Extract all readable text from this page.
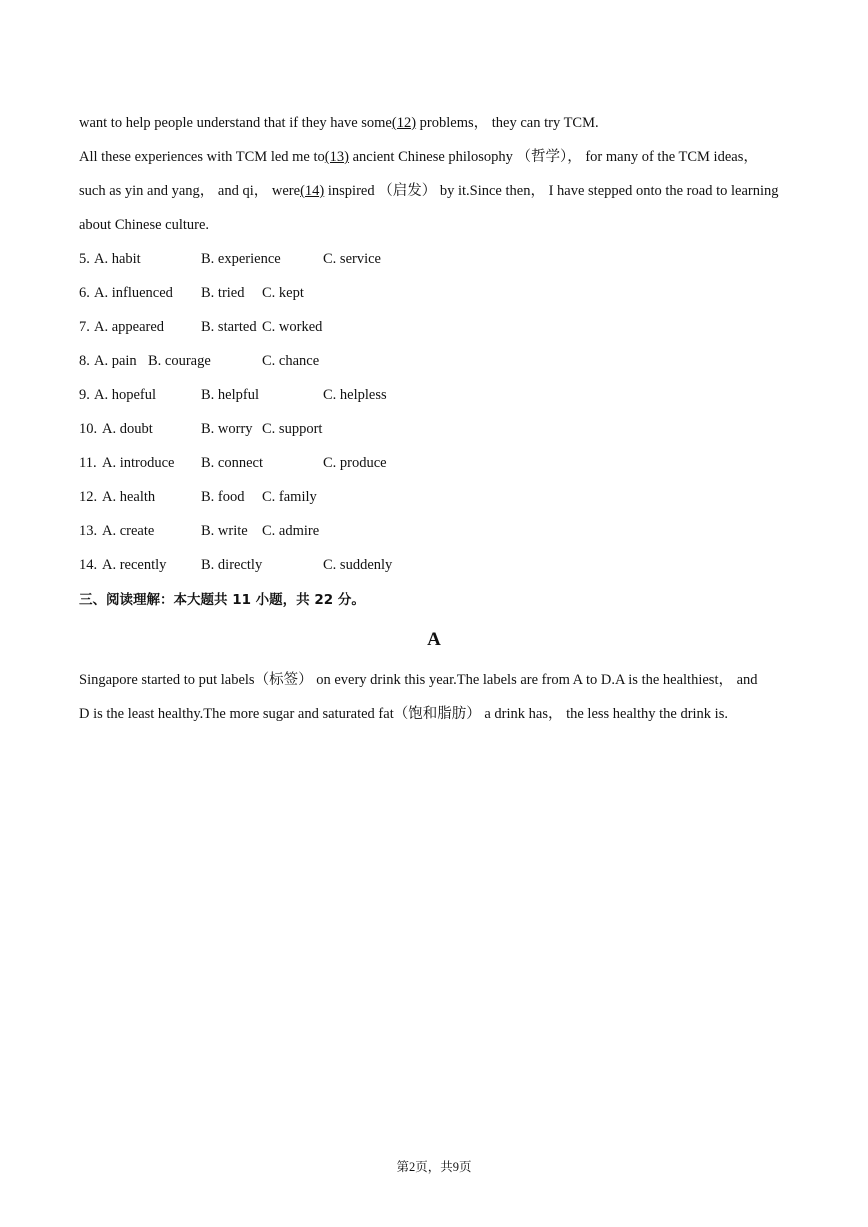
want to help people understand that if they have some(12) problems， they can try TCM.
All these experiences with TCM led me to(13) ancient Chinese philosophy （哲学）， for many of the TCM ideas，
such as yin and yang， and qi， were(14) inspired （启发） by it.Since then， I have stepped onto the road to learning
about Chinese culture.
5. A. habit	B. experience	C. service
6. A. influenced B. tried C. kept
7. A. appeared	B. started C. worked
8. A. pain B. courage	C. chance
9. A. hopeful	B. helpful	C. helpless
10. A. doubt	B. worry C. support
11. A. introduce B. connect	C. produce
12. A. health	B. food C. family
13. A. create	B. write C. admire
14. A. recently B. directly	C. suddenly
三、阅读理解：本大题共 11 小题，共 22 分。
A
Singapore started to put labels（标签） on every drink this year.The labels are from A to D.A is the healthiest， and
D is the least healthy.The more sugar and saturated fat（饱和脂肪） a drink has， the less healthy the drink is.
第2页，共9页
